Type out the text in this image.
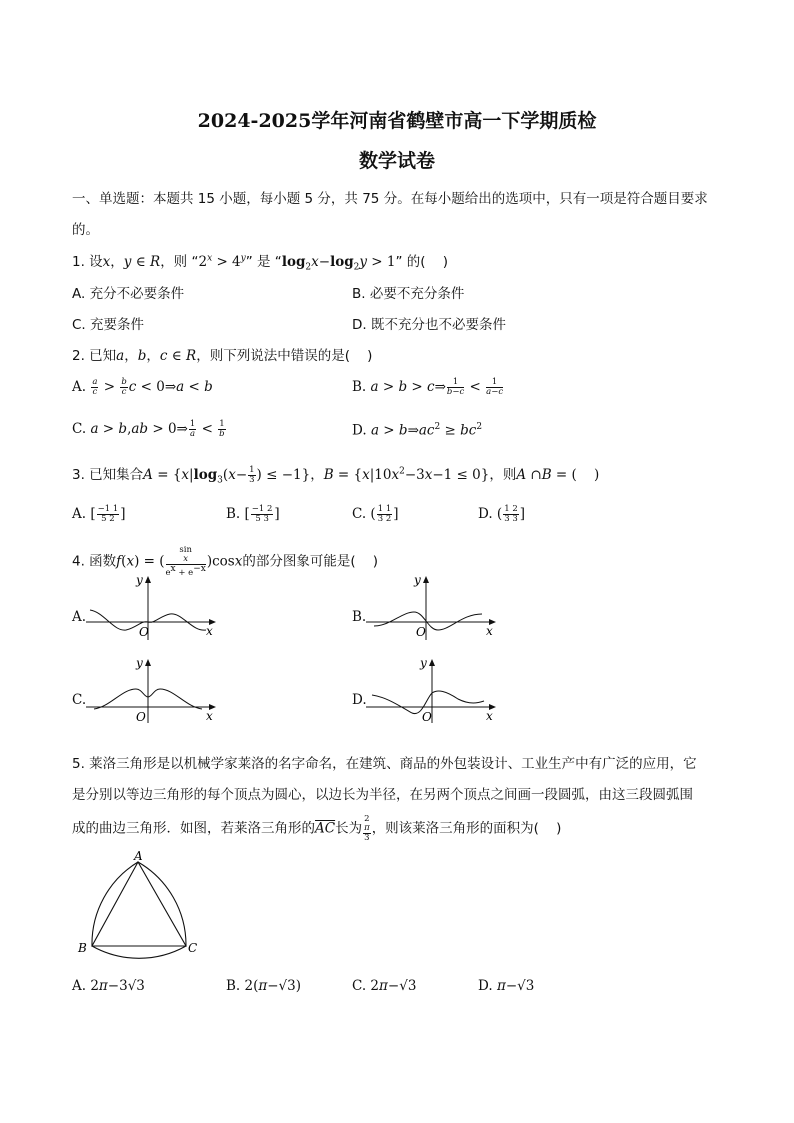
2024-2025学年河南省鹤壁市高一下学期质检
数学试卷
一、单选题：本题共 15 小题，每小题 5 分，共 75 分。在每小题给出的选项中，只有一项是符合题目要求
的。
1. 设x，y ∈ R，则 “$2^x > 4^y$” 是 “$\log_2x-\log_2y > 1$” 的(    )
A. 充分不必要条件	B. 必要不充分条件
C. 充要条件	D. 既不充分也不必要条件
2. 已知a，b，c ∈ R，则下列说法中错误的是(    )
A. $\frac{a}{c} > \frac{b}{c}$ c < 0⇒a < b	B. a > b > c⇒ $\frac{1}{b-c} < \frac{1}{a-c}$
C. a > b,ab > 0⇒ $\frac{1}{a} < \frac{1}{b}$	D. $a > b\Rightarrow ac^2 \ge bc^2$
3. 已知集合$A = \{x|\log_3(x- \frac{1}{3}$ ) ≤ −1}，$B = \{x|10x^2-3x-1 \le 0\}$，则A ∩B = (    )
A. [ $\frac{-1 1}{5 2}$ ]	B. [ $\frac{-1 2}{5 3}$ ]	C. ( $\frac{1 1}{3 2}$ ]	D. ( $\frac{1 2}{3 3}$ ]
4. 函数f(x) = ( sin
x
$e^x + e^{-x}$ )cosx的部分图象可能是(    )
A.	B.
C.	D.
O	x
y
O	x
y
O	x
y
O	x
y
5. 莱洛三角形是以机械学家莱洛的名字命名，在建筑、商品的外包装设计、工业生产中有广泛的应用，它
是分别以等边三角形的每个顶点为圆心，以边长为半径，在另两个顶点之间画一段圆弧，由这三段圆弧围
成的曲边三角形．如图，若莱洛三角形的$\overline{AC}$长为 2
π
3 ，则该莱洛三角形的面积为(    )
A
B	C
A. 2π−3√3	B. 2(π−√3)	C. 2π−√3	D. π−√3
